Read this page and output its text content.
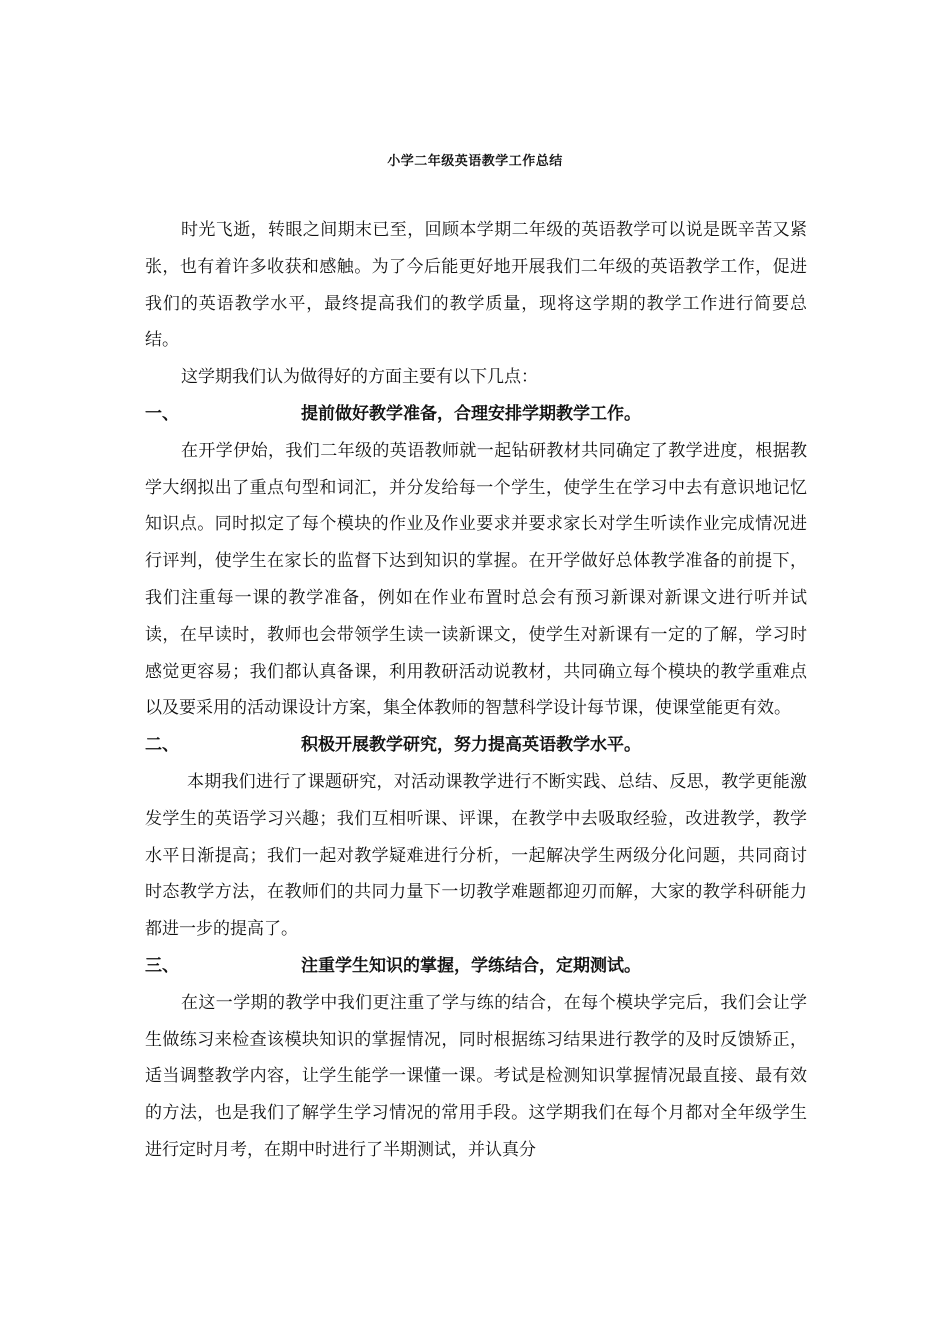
小学二年级英语教学工作总结

时光飞逝，转眼之间期末已至，回顾本学期二年级的英语教学可以说是既辛苦又紧张，也有着许多收获和感触。为了今后能更好地开展我们二年级的英语教学工作，促进我们的英语教学水平，最终提高我们的教学质量，现将这学期的教学工作进行简要总结。

这学期我们认为做得好的方面主要有以下几点：

一、	提前做好教学准备，合理安排学期教学工作。

在开学伊始，我们二年级的英语教师就一起钻研教材共同确定了教学进度，根据教学大纲拟出了重点句型和词汇，并分发给每一个学生，使学生在学习中去有意识地记忆知识点。同时拟定了每个模块的作业及作业要求并要求家长对学生听读作业完成情况进行评判，使学生在家长的监督下达到知识的掌握。在开学做好总体教学准备的前提下，我们注重每一课的教学准备，例如在作业布置时总会有预习新课对新课文进行听并试读，在早读时，教师也会带领学生读一读新课文，使学生对新课有一定的了解，学习时感觉更容易；我们都认真备课，利用教研活动说教材，共同确立每个模块的教学重难点以及要采用的活动课设计方案，集全体教师的智慧科学设计每节课，使课堂能更有效。

二、	积极开展教学研究，努力提高英语教学水平。

本期我们进行了课题研究，对活动课教学进行不断实践、总结、反思，教学更能激发学生的英语学习兴趣；我们互相听课、评课，在教学中去吸取经验，改进教学，教学水平日渐提高；我们一起对教学疑难进行分析，一起解决学生两级分化问题，共同商讨时态教学方法，在教师们的共同力量下一切教学难题都迎刃而解，大家的教学科研能力都进一步的提高了。

三、	注重学生知识的掌握，学练结合，定期测试。

在这一学期的教学中我们更注重了学与练的结合，在每个模块学完后，我们会让学生做练习来检查该模块知识的掌握情况，同时根据练习结果进行教学的及时反馈矫正，适当调整教学内容，让学生能学一课懂一课。考试是检测知识掌握情况最直接、最有效的方法，也是我们了解学生学习情况的常用手段。这学期我们在每个月都对全年级学生进行定时月考，在期中时进行了半期测试，并认真分
